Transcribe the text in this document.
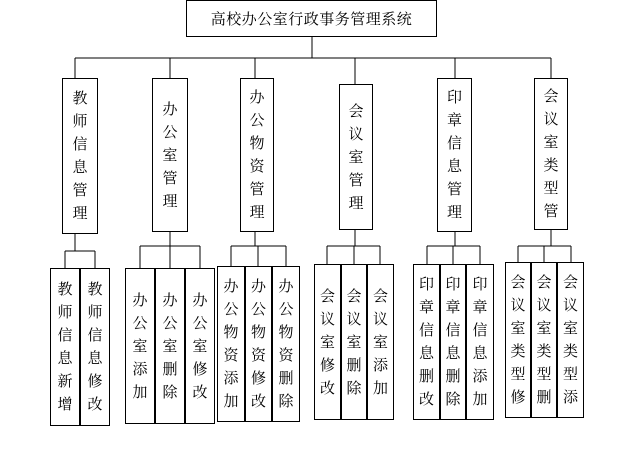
高校办公室行政事务管理系统
教师信息管理
办公室管理
办公物资管理
会议室管理
印章信息管理
会议室类型管
教师信息新增
教师信息修改
办公室添加
办公室删除
办公室修改
办公物资添加
办公物资修改
办公物资删除
会议室修改
会议室删除
会议室添加
印章信息删改
印章信息删除
印章信息添加
会议室类型修
会议室类型删
会议室类型添
